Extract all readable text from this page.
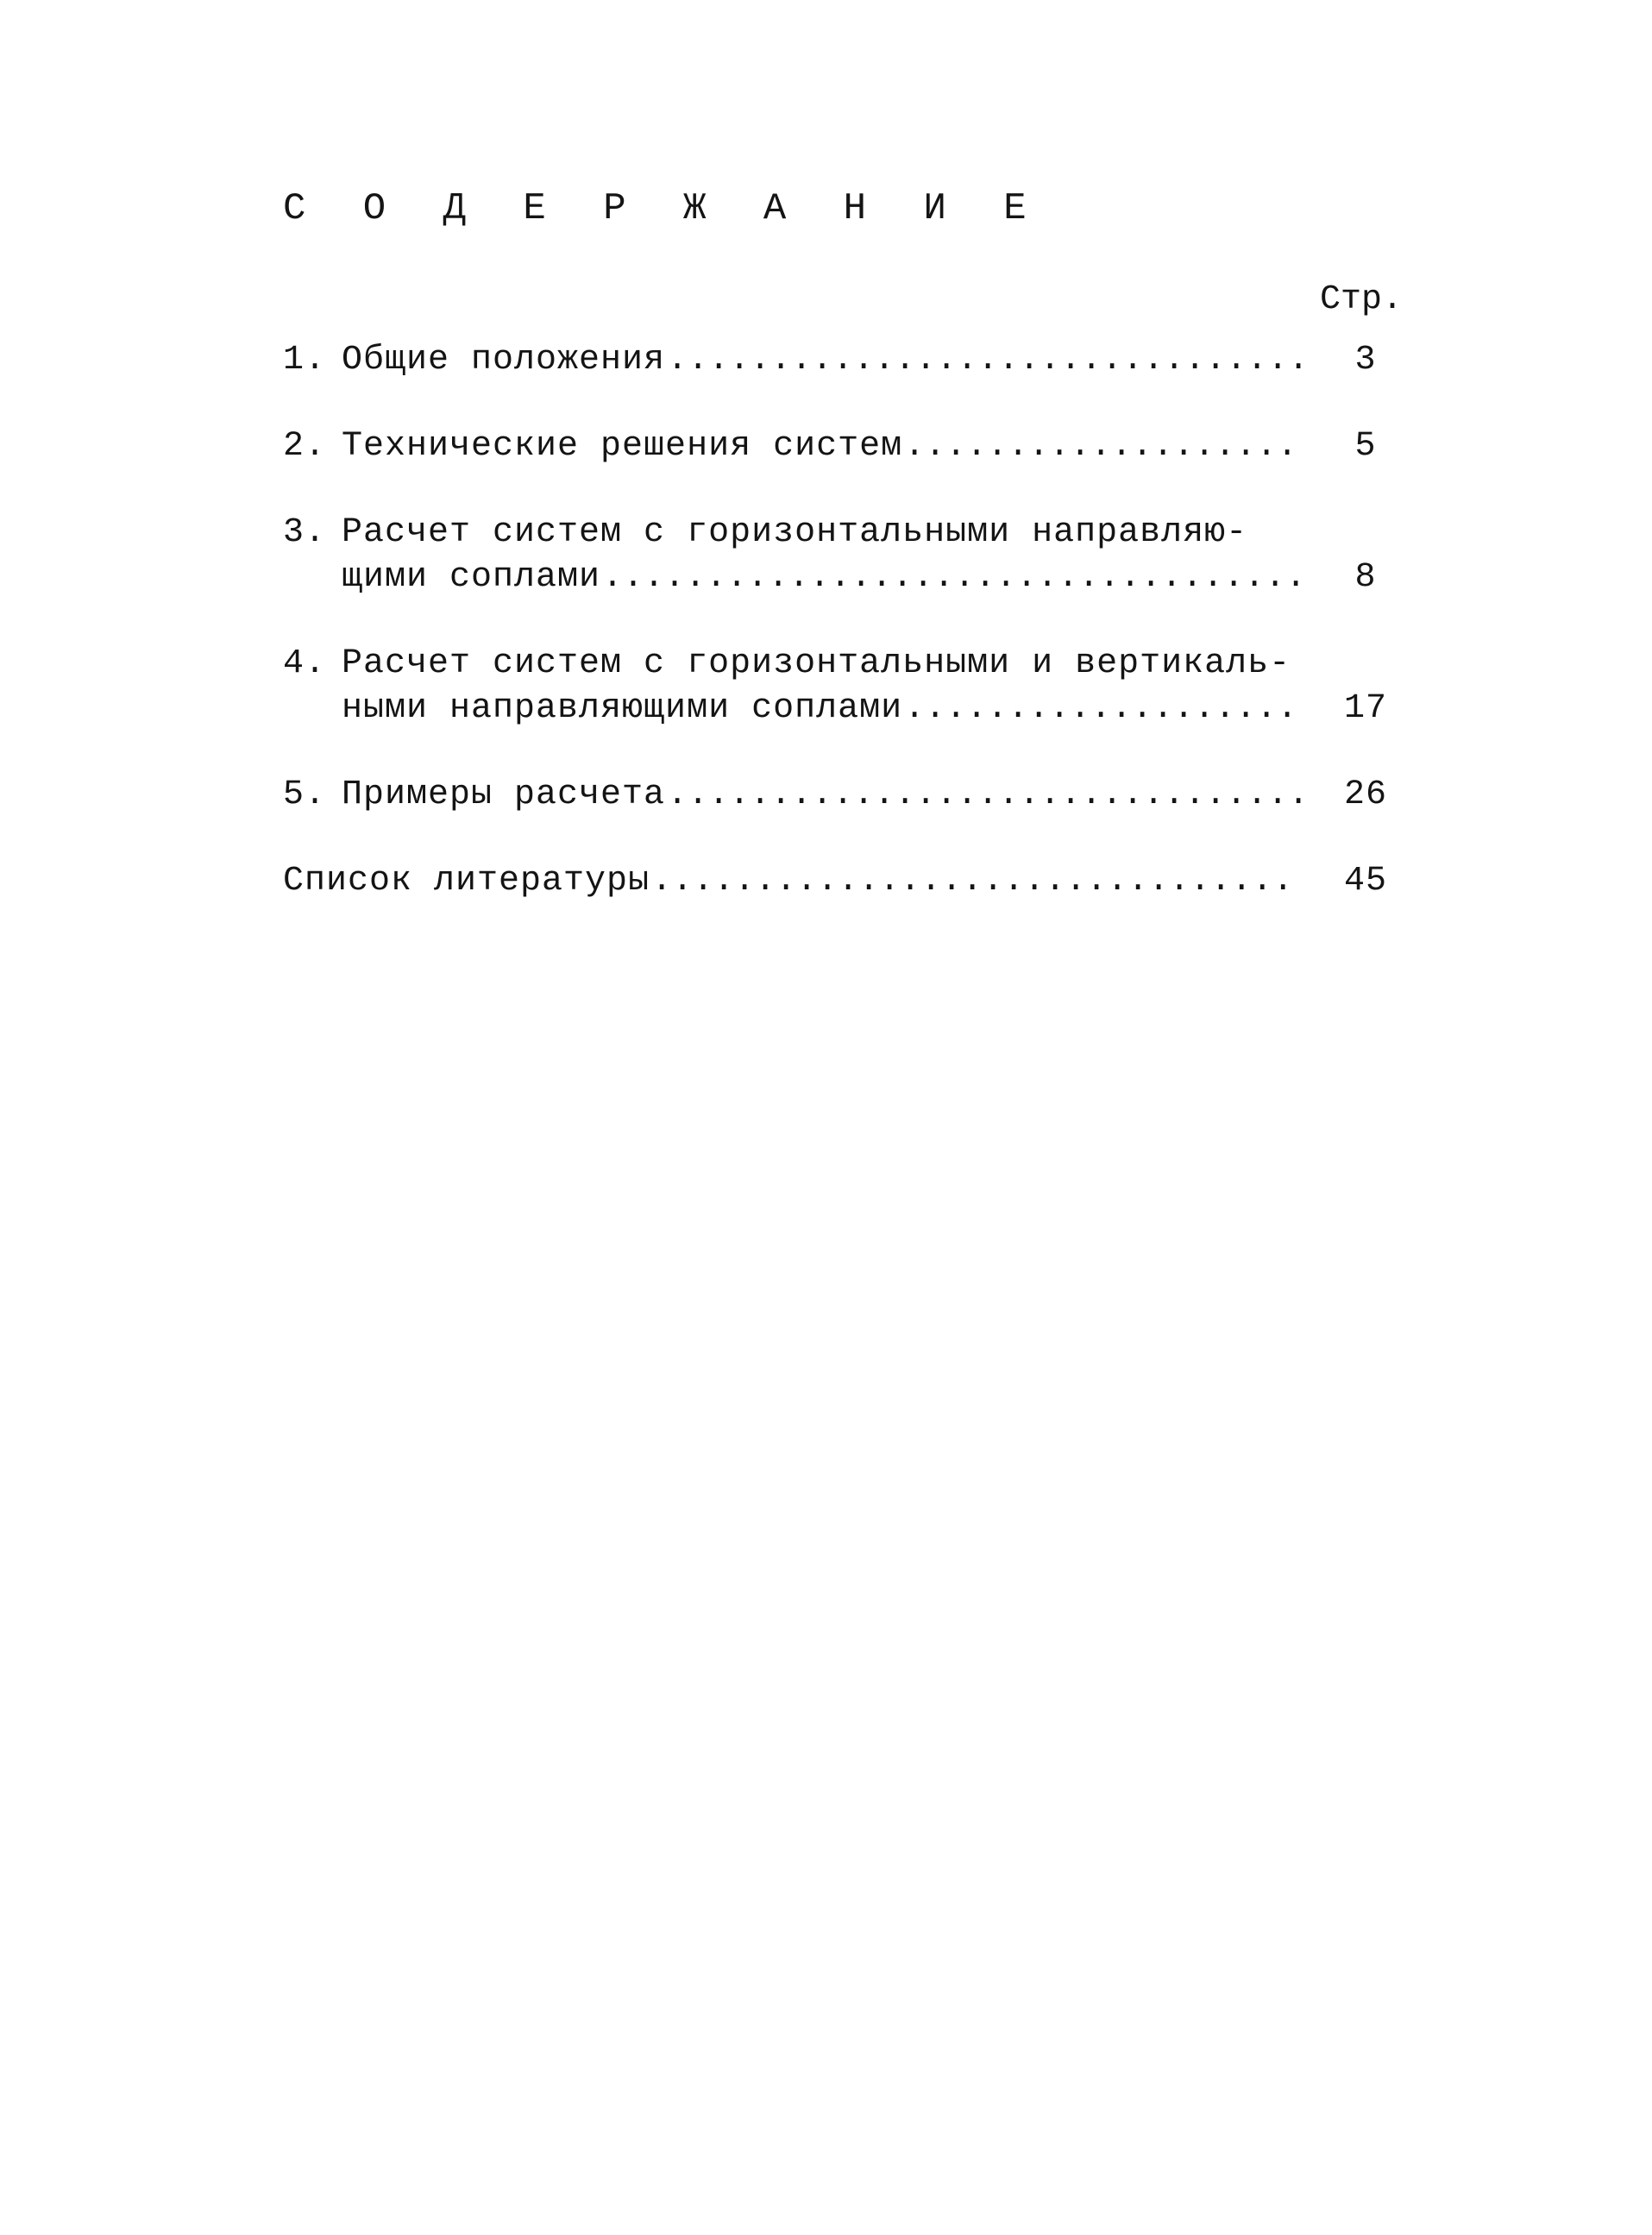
С О Д Е Р Ж А Н И Е
Стр.
1. Общие положения .....	3
2. Технические решения систем .....	5
3. Расчет систем с горизонтальными направляю-
щими соплами .....	8
4. Расчет систем с горизонтальными и вертикаль-
ными направляющими соплами .....	17
5. Примеры расчета .....	26
Список литературы .....	45
